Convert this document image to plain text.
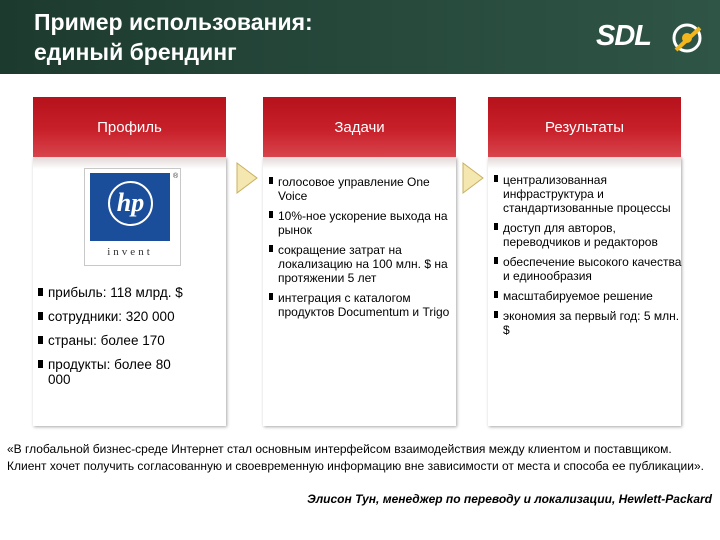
Пример использования:
единый брендинг	SDL
Профиль
hp
®
invent
прибыль: 118 млрд. $
сотрудники: 320 000
страны: более 170
продукты: более 80 000
Задачи
голосовое управление One Voice
10%-ное ускорение выхода на рынок
сокращение затрат на локализацию на 100 млн. $ на протяжении 5 лет
интеграция с каталогом продуктов Documentum и Trigo
Результаты
централизованная инфраструктура и стандартизованные процессы
доступ для авторов, переводчиков и редакторов
обеспечение высокого качества и единообразия
масштабируемое решение
экономия за первый год: 5 млн. $
«В глобальной бизнес-среде Интернет стал основным интерфейсом взаимодействия между клиентом и поставщиком. Клиент хочет получить согласованную и своевременную информацию вне зависимости от места и способа ее публикации».
Элисон Тун, менеджер по переводу и локализации, Hewlett-Packard
